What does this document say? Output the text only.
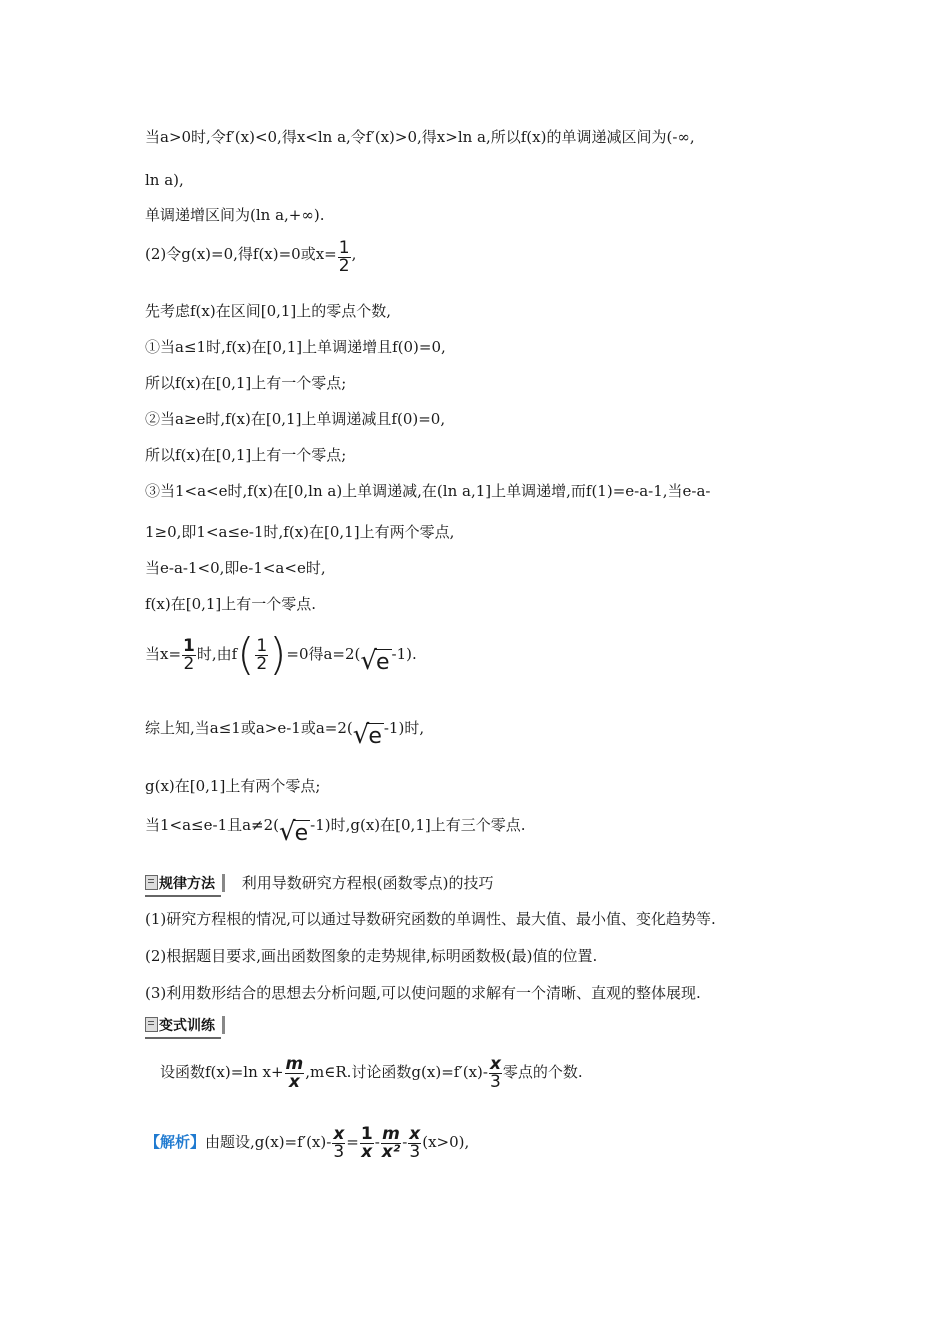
当a>0时,令f′(x)<0,得x<ln a,令f′(x)>0,得x>ln a,所以f(x)的单调递减区间为(-∞,
ln a),
单调递增区间为(ln a,+∞).
(2)令g(x)=0,得f(x)=0或$x= \frac{1}{2}$ ,
先考虑f(x)在区间[0,1]上的零点个数,
①当a≤1时,f(x)在[0,1]上单调递增且f(0)=0,
所以f(x)在[0,1]上有一个零点;
②当a≥e时,f(x)在[0,1]上单调递减且f(0)=0,
所以f(x)在[0,1]上有一个零点;
③当1<a<e时,f(x)在[0,ln a)上单调递减,在(ln a,1]上单调递增,而f(1)=e-a-1,当e-a-
1≥0,即1<a≤e-1时,f(x)在[0,1]上有两个零点,
当e-a-1<0,即e-1<a<e时,
f(x)在[0,1]上有一个零点.
当$x= \frac{1}{2}$ 时,由$f( \frac{1}{2} )=0$得a=2( √ e -1).
综上知,当a≤1或a>e-1或a=2( √ e -1)时,
g(x)在[0,1]上有两个零点;
当1<a≤e-1且a≠2( √ e -1)时,g(x)在[0,1]上有三个零点.
规律方法 利用导数研究方程根(函数零点)的技巧
(1)研究方程根的情况,可以通过导数研究函数的单调性、最大值、最小值、变化趋势等.
(2)根据题目要求,画出函数图象的走势规律,标明函数极(最)值的位置.
(3)利用数形结合的思想去分析问题,可以使问题的求解有一个清晰、直观的整体展现.
变式训练
设函数f(x)=ln $x+ \frac{m}{x}$ ,m∈R.讨论函数$g(x)=f'(x)- \frac{x}{3}$ 零点的个数.
【解析】由题设$,g(x)=f'(x)- \frac{x}{3} = \frac{1}{x} - \frac{m}{\text{x²}} - \frac{x}{3} (x>0)$,
